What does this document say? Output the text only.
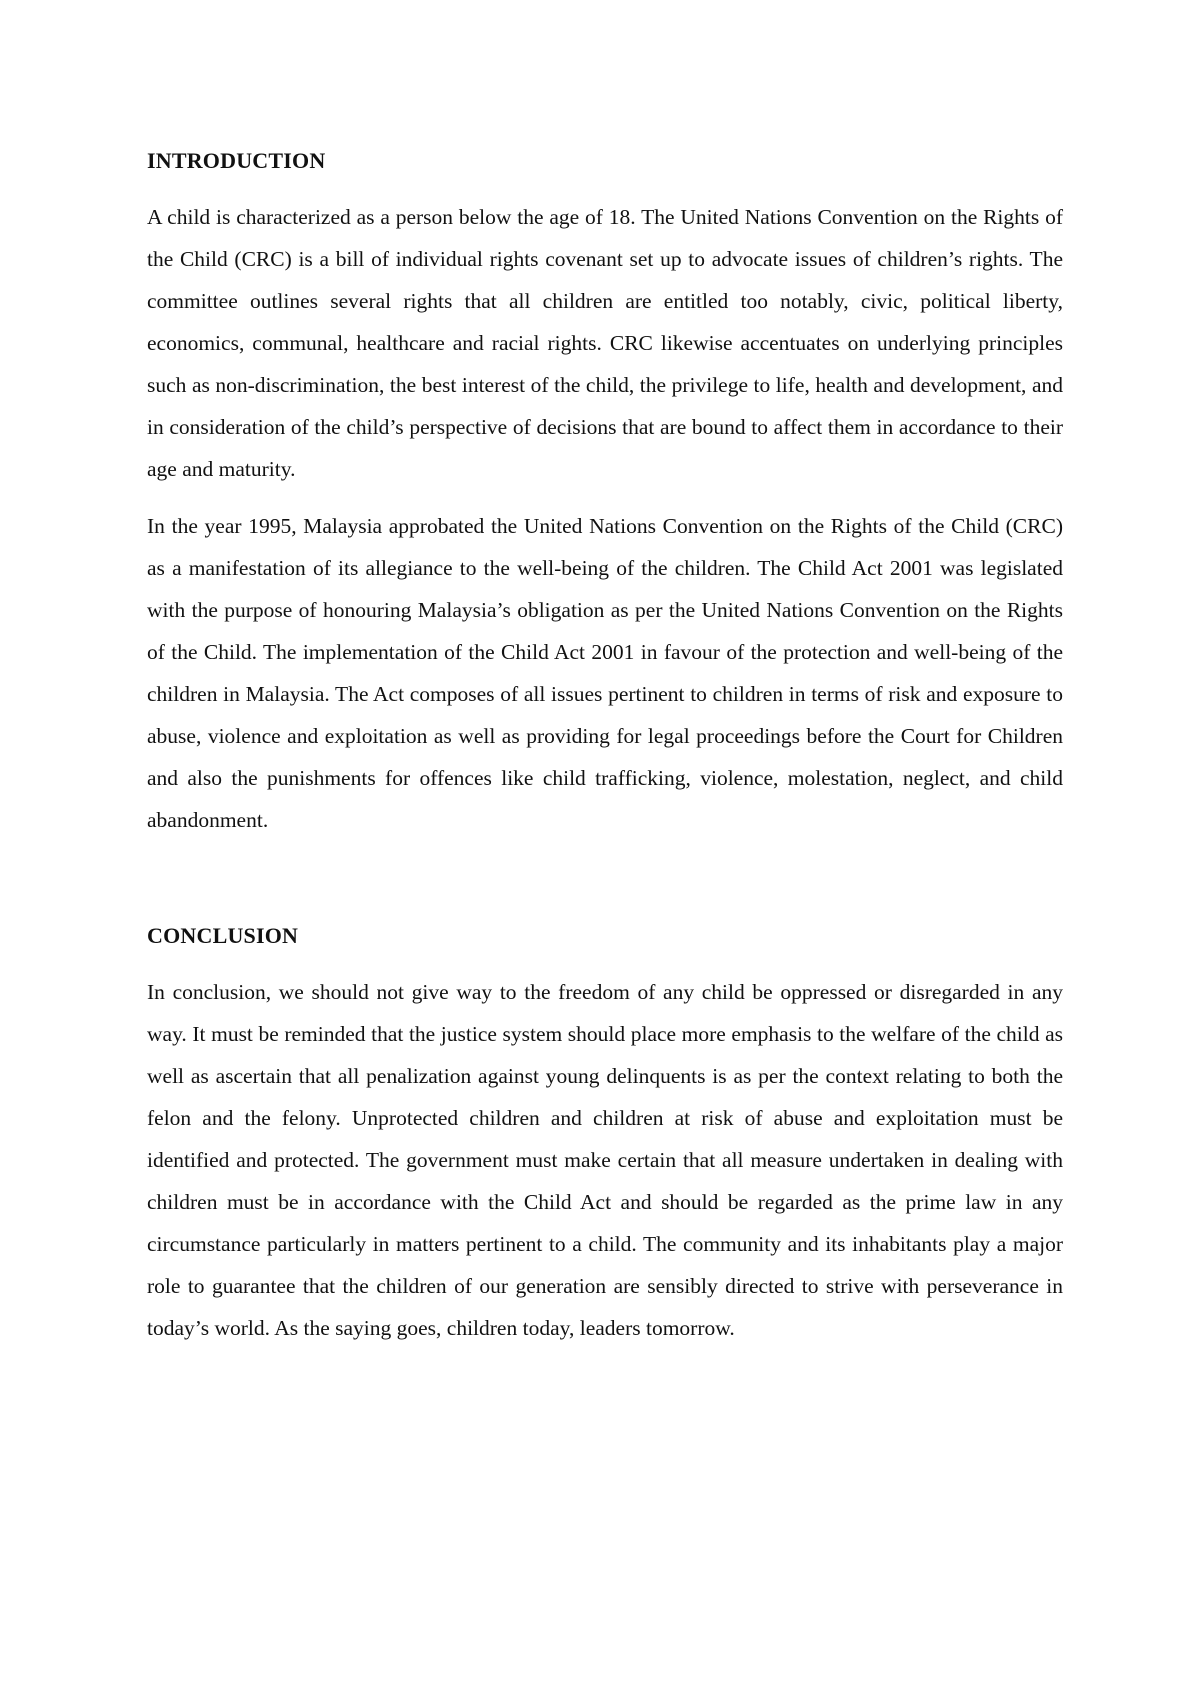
INTRODUCTION

A child is characterized as a person below the age of 18. The United Nations Convention on the Rights of the Child (CRC) is a bill of individual rights covenant set up to advocate issues of children’s rights. The committee outlines several rights that all children are entitled too notably, civic, political liberty, economics, communal, healthcare and racial rights. CRC likewise accentuates on underlying principles such as non-discrimination, the best interest of the child, the privilege to life, health and development, and in consideration of the child’s perspective of decisions that are bound to affect them in accordance to their age and maturity.

In the year 1995, Malaysia approbated the United Nations Convention on the Rights of the Child (CRC) as a manifestation of its allegiance to the well-being of the children. The Child Act 2001 was legislated with the purpose of honouring Malaysia’s obligation as per the United Nations Convention on the Rights of the Child. The implementation of the Child Act 2001 in favour of the protection and well-being of the children in Malaysia. The Act composes of all issues pertinent to children in terms of risk and exposure to abuse, violence and exploitation as well as providing for legal proceedings before the Court for Children and also the punishments for offences like child trafficking, violence, molestation, neglect, and child abandonment.

CONCLUSION

In conclusion, we should not give way to the freedom of any child be oppressed or disregarded in any way. It must be reminded that the justice system should place more emphasis to the welfare of the child as well as ascertain that all penalization against young delinquents is as per the context relating to both the felon and the felony. Unprotected children and children at risk of abuse and exploitation must be identified and protected. The government must make certain that all measure undertaken in dealing with children must be in accordance with the Child Act and should be regarded as the prime law in any circumstance particularly in matters pertinent to a child. The community and its inhabitants play a major role to guarantee that the children of our generation are sensibly directed to strive with perseverance in today’s world. As the saying goes, children today, leaders tomorrow.
